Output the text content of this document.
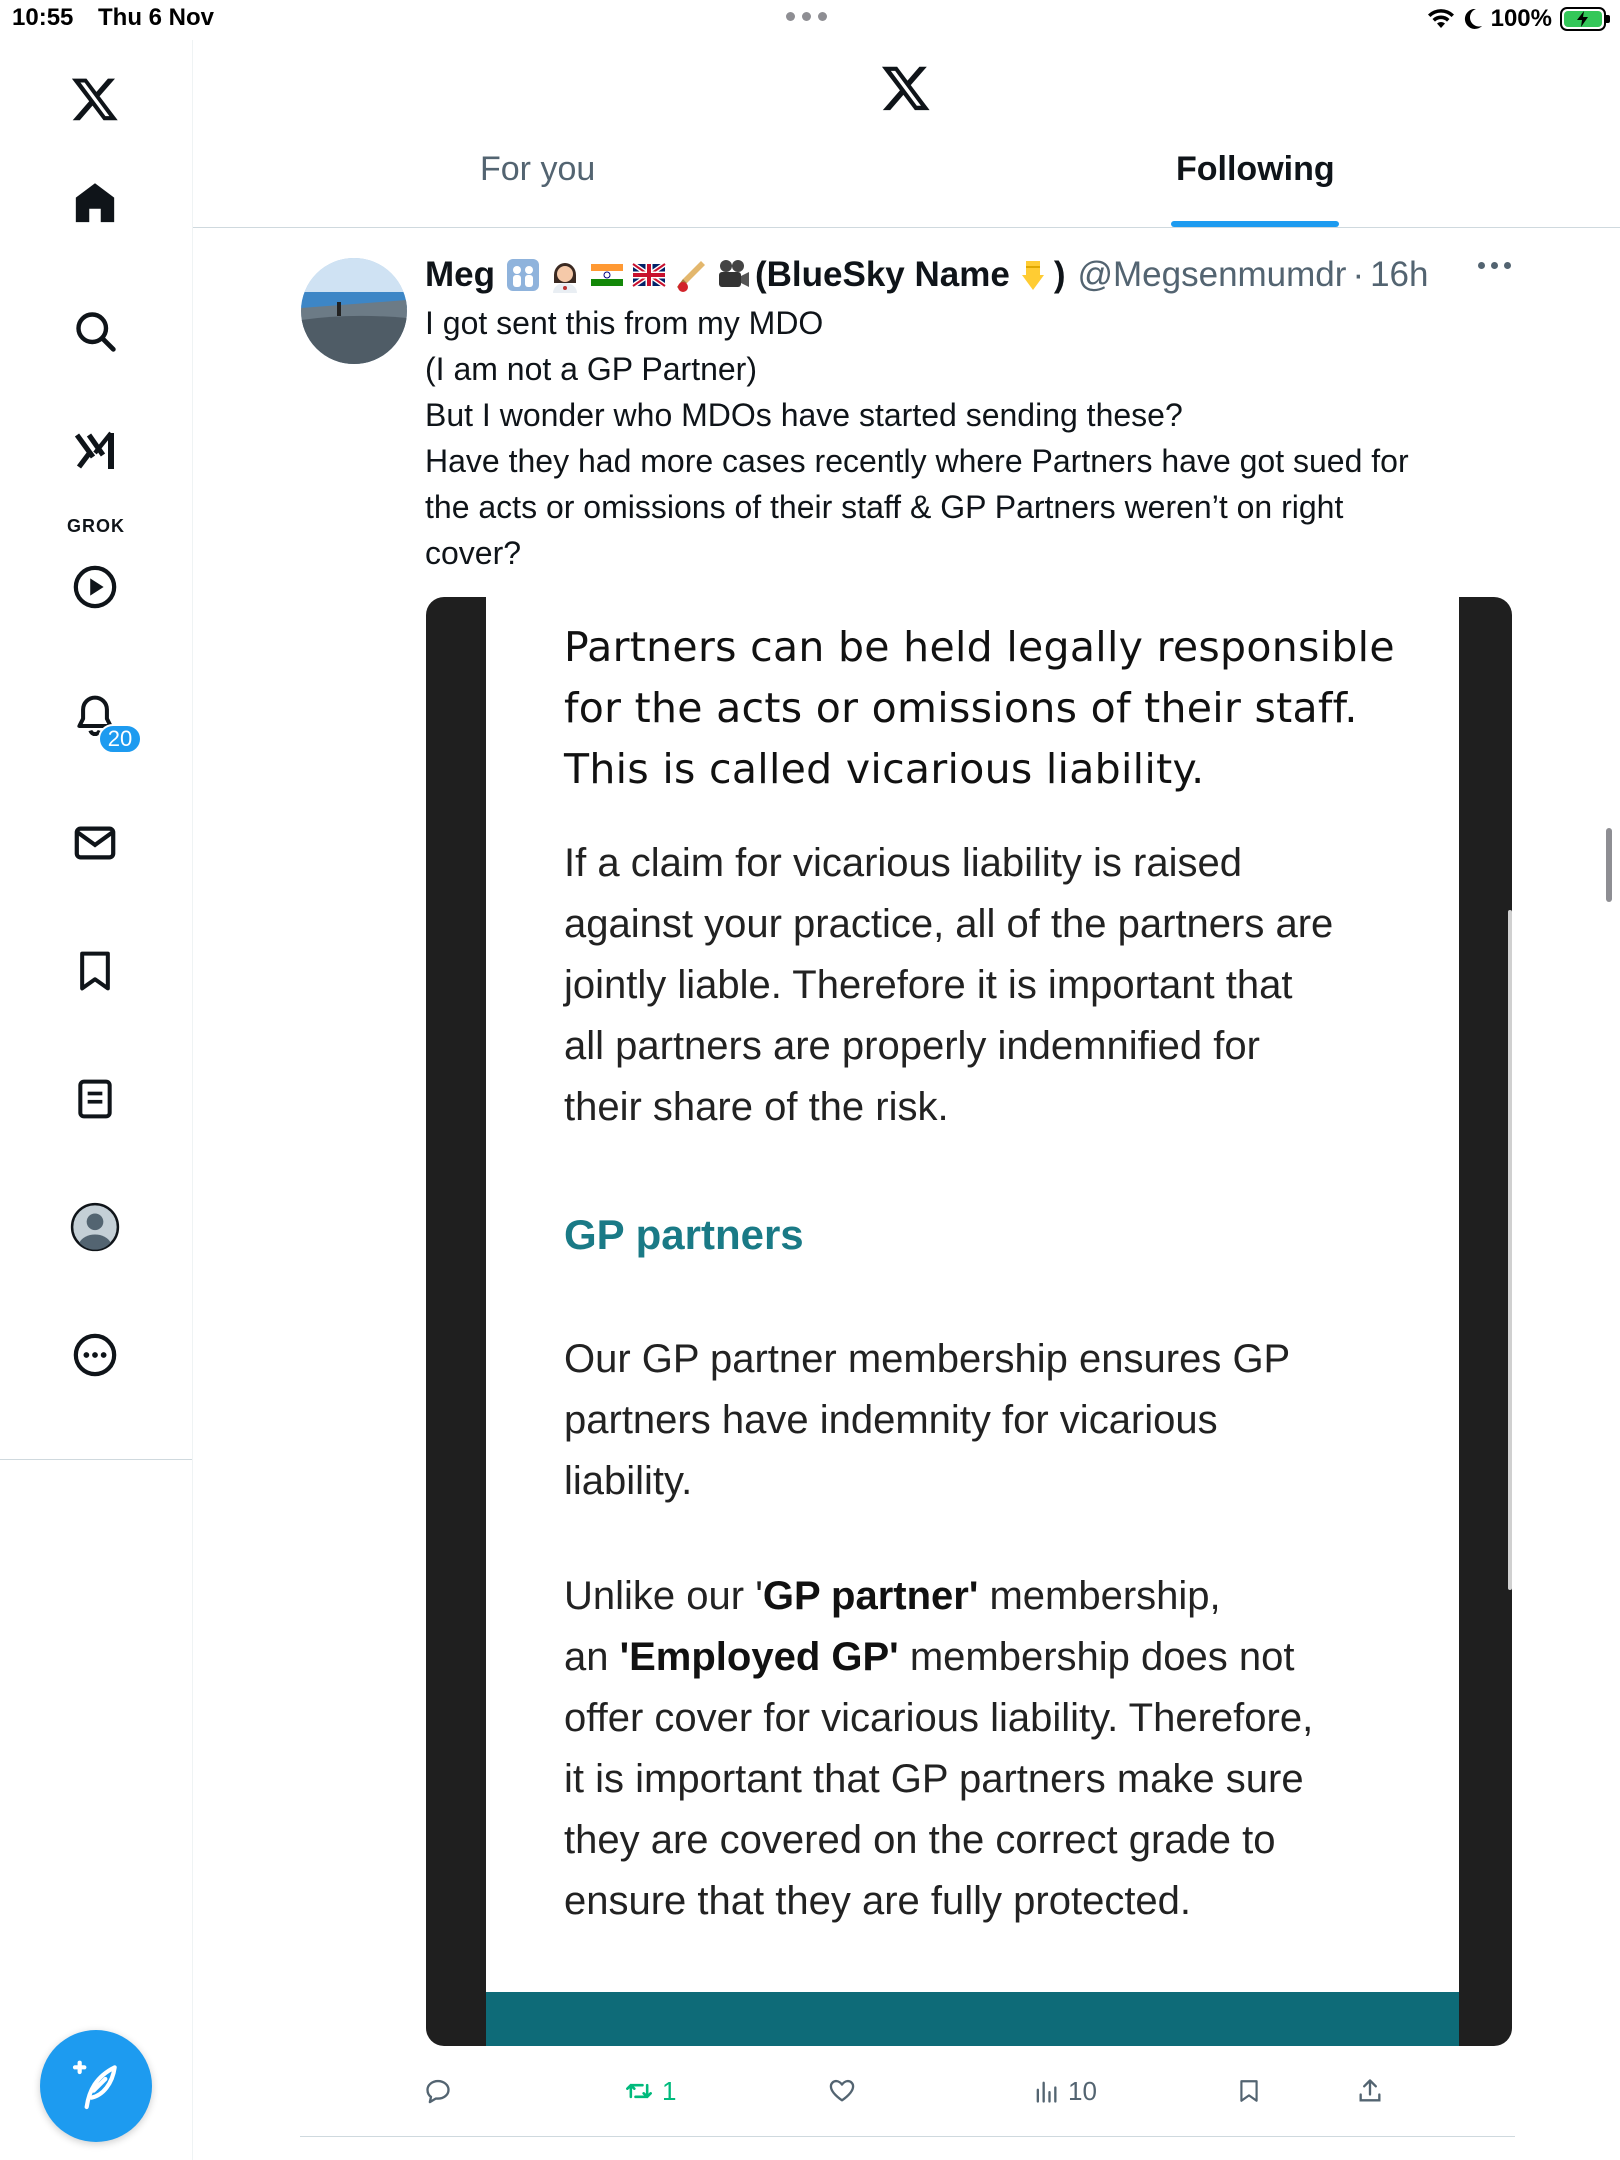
10:55 Thu 6 Nov	100%
GROK
20
For you	Following
Meg	(BlueSky Name ) @Megsenmumdr · 16h
I got sent this from my MDO
(I am not a GP Partner)
But I wonder who MDOs have started sending these?
Have they had more cases recently where Partners have got sued for
the acts or omissions of their staff & GP Partners weren’t on right
cover?

Partners can be held legally responsible
for the acts or omissions of their staff.
This is called vicarious liability.

If a claim for vicarious liability is raised
against your practice, all of the partners are
jointly liable. Therefore it is important that
all partners are properly indemnified for
their share of the risk.

GP partners

Our GP partner membership ensures GP
partners have indemnity for vicarious
liability.

Unlike our 'GP partner' membership,
an 'Employed GP' membership does not
offer cover for vicarious liability. Therefore,
it is important that GP partners make sure
they are covered on the correct grade to
ensure that they are fully protected.

1	10
